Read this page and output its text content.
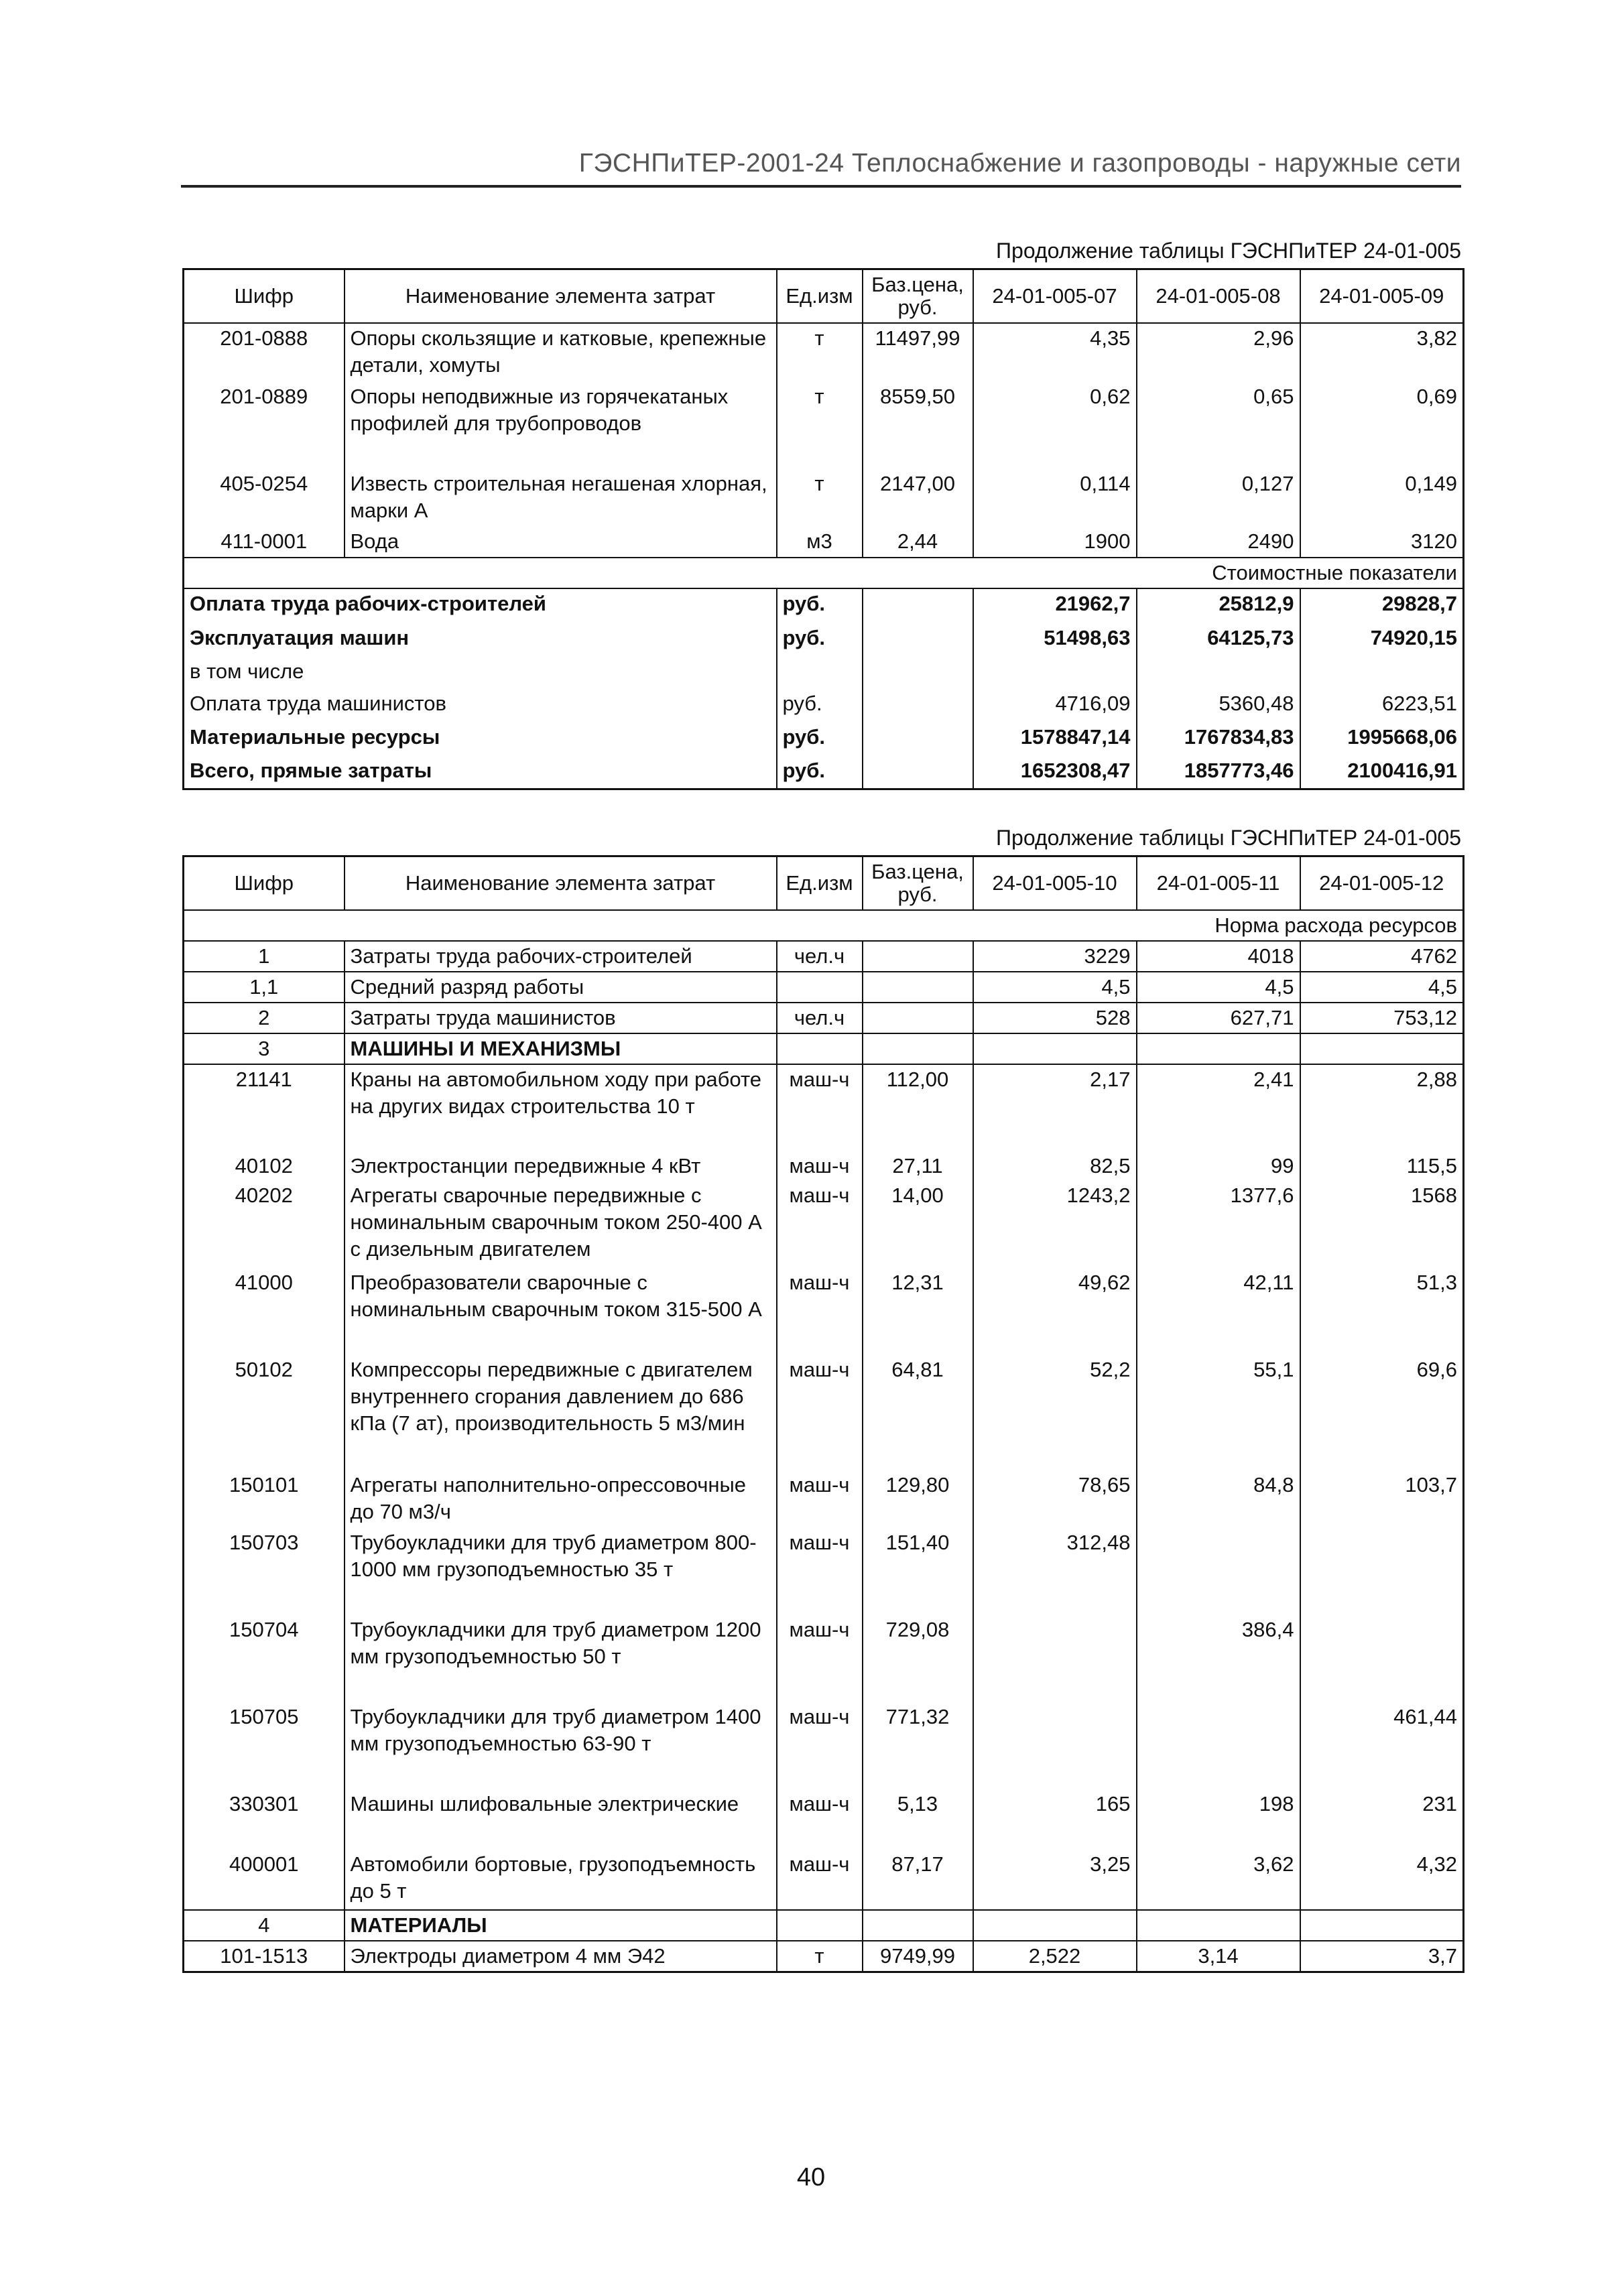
ГЭСНПиТЕР-2001-24 Теплоснабжение и газопроводы - наружные сети
Продолжение таблицы ГЭСНПиТЕР 24-01-005
Шифр	Наименование элемента затрат	Ед.изм	Баз.цена, руб.	24-01-005-07	24-01-005-08	24-01-005-09
201-0888	Опоры скользящие и катковые, крепежные детали, хомуты	т	11497,99	4,35	2,96	3,82
201-0889	Опоры неподвижные из горячекатаных профилей для трубопроводов	т	8559,50	0,62	0,65	0,69
405-0254	Известь строительная негашеная хлорная, марки А	т	2147,00	0,114	0,127	0,149
411-0001	Вода	м3	2,44	1900	2490	3120
Стоимостные показатели						
Оплата труда рабочих-строителей		руб.		21962,7	25812,9	29828,7
Эксплуатация машин		руб.		51498,63	64125,73	74920,15
в том числе						
Оплата труда машинистов		руб.		4716,09	5360,48	6223,51
Материальные ресурсы		руб.		1578847,14	1767834,83	1995668,06
Всего, прямые затраты		руб.		1652308,47	1857773,46	2100416,91
Продолжение таблицы ГЭСНПиТЕР 24-01-005
Шифр	Наименование элемента затрат	Ед.изм	Баз.цена, руб.	24-01-005-10	24-01-005-11	24-01-005-12
Норма расхода ресурсов						
1	Затраты труда рабочих-строителей	чел.ч		3229	4018	4762
1,1	Средний разряд работы			4,5	4,5	4,5
2	Затраты труда машинистов	чел.ч		528	627,71	753,12
3	МАШИНЫ И МЕХАНИЗМЫ					
21141	Краны на автомобильном ходу при работе на других видах строительства 10 т	маш-ч	112,00	2,17	2,41	2,88
40102	Электростанции передвижные 4 кВт	маш-ч	27,11	82,5	99	115,5
40202	Агрегаты сварочные передвижные с номинальным сварочным током 250-400 А с дизельным двигателем	маш-ч	14,00	1243,2	1377,6	1568
41000	Преобразователи сварочные с номинальным сварочным током 315-500 А	маш-ч	12,31	49,62	42,11	51,3
50102	Компрессоры передвижные с двигателем внутреннего сгорания давлением до 686 кПа (7 ат), производительность 5 м3/мин	маш-ч	64,81	52,2	55,1	69,6
150101	Агрегаты наполнительно-опрессовочные до 70 м3/ч	маш-ч	129,80	78,65	84,8	103,7
150703	Трубоукладчики для труб диаметром 800-1000 мм грузоподъемностью 35 т	маш-ч	151,40	312,48		
150704	Трубоукладчики для труб диаметром 1200 мм грузоподъемностью 50 т	маш-ч	729,08		386,4	
150705	Трубоукладчики для труб диаметром 1400 мм грузоподъемностью 63-90 т	маш-ч	771,32			461,44
330301	Машины шлифовальные электрические	маш-ч	5,13	165	198	231
400001	Автомобили бортовые, грузоподъемность до 5 т	маш-ч	87,17	3,25	3,62	4,32
4	МАТЕРИАЛЫ					
101-1513	Электроды диаметром 4 мм Э42	т	9749,99	2,522	3,14	3,7
40
